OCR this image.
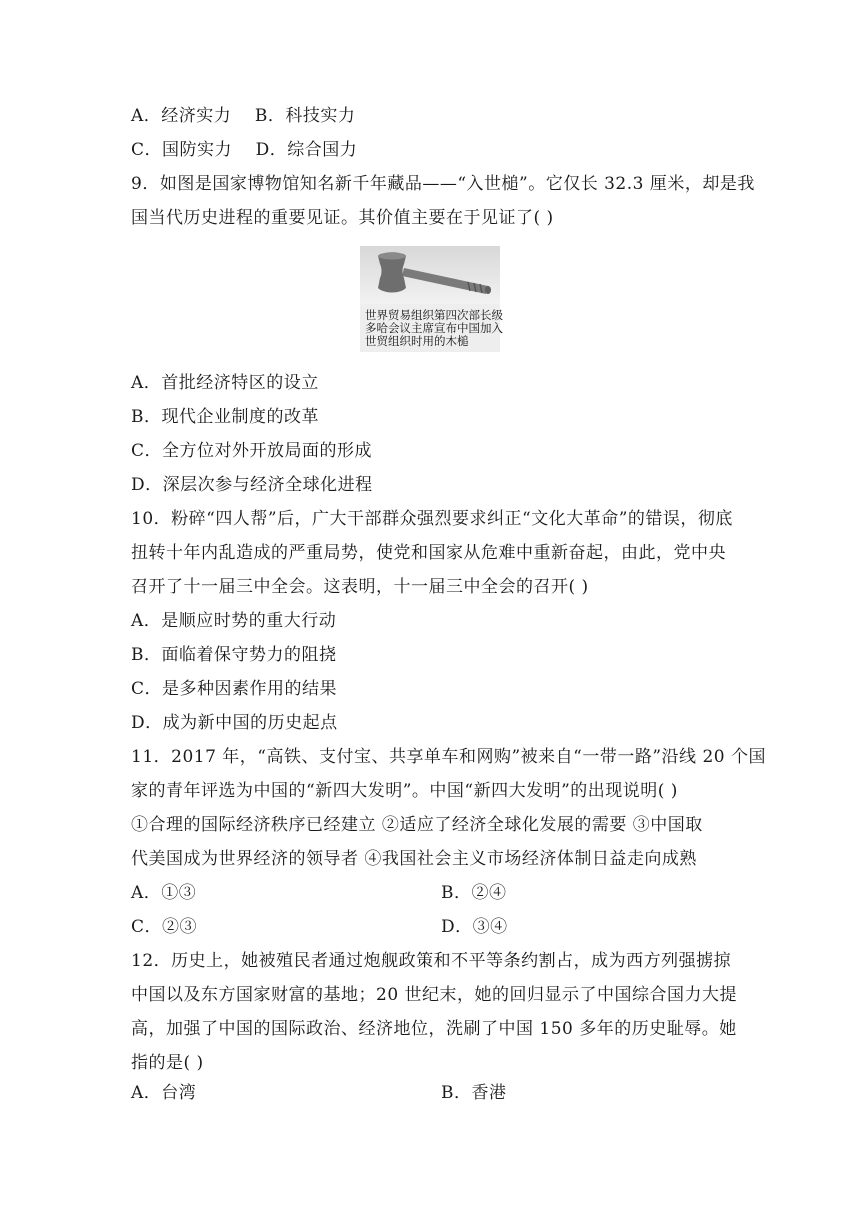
A．经济实力 B．科技实力
C．国防实力 D．综合国力
9．如图是国家博物馆知名新千年藏品——“入世槌”。它仅长 32.3 厘米，却是我
国当代历史进程的重要见证。其价值主要在于见证了( )
世界贸易组织第四次部长级
多哈会议主席宣布中国加入
世贸组织时用的木槌
A．首批经济特区的设立
B．现代企业制度的改革
C．全方位对外开放局面的形成
D．深层次参与经济全球化进程
10．粉碎“四人帮”后，广大干部群众强烈要求纠正“文化大革命”的错误，彻底
扭转十年内乱造成的严重局势，使党和国家从危难中重新奋起，由此，党中央
召开了十一届三中全会。这表明，十一届三中全会的召开( )
A．是顺应时势的重大行动
B．面临着保守势力的阻挠
C．是多种因素作用的结果
D．成为新中国的历史起点
11．2017 年，“高铁、支付宝、共享单车和网购”被来自“一带一路”沿线 20 个国
家的青年评选为中国的“新四大发明”。中国“新四大发明”的出现说明( )
①合理的国际经济秩序已经建立 ②适应了经济全球化发展的需要 ③中国取
代美国成为世界经济的领导者 ④我国社会主义市场经济体制日益走向成熟
A．①③	B．②④
C．②③	D．③④
12．历史上，她被殖民者通过炮舰政策和不平等条约割占，成为西方列强掳掠
中国以及东方国家财富的基地；20 世纪末，她的回归显示了中国综合国力大提
高，加强了中国的国际政治、经济地位，洗刷了中国 150 多年的历史耻辱。她
指的是( )
A．台湾	B．香港
